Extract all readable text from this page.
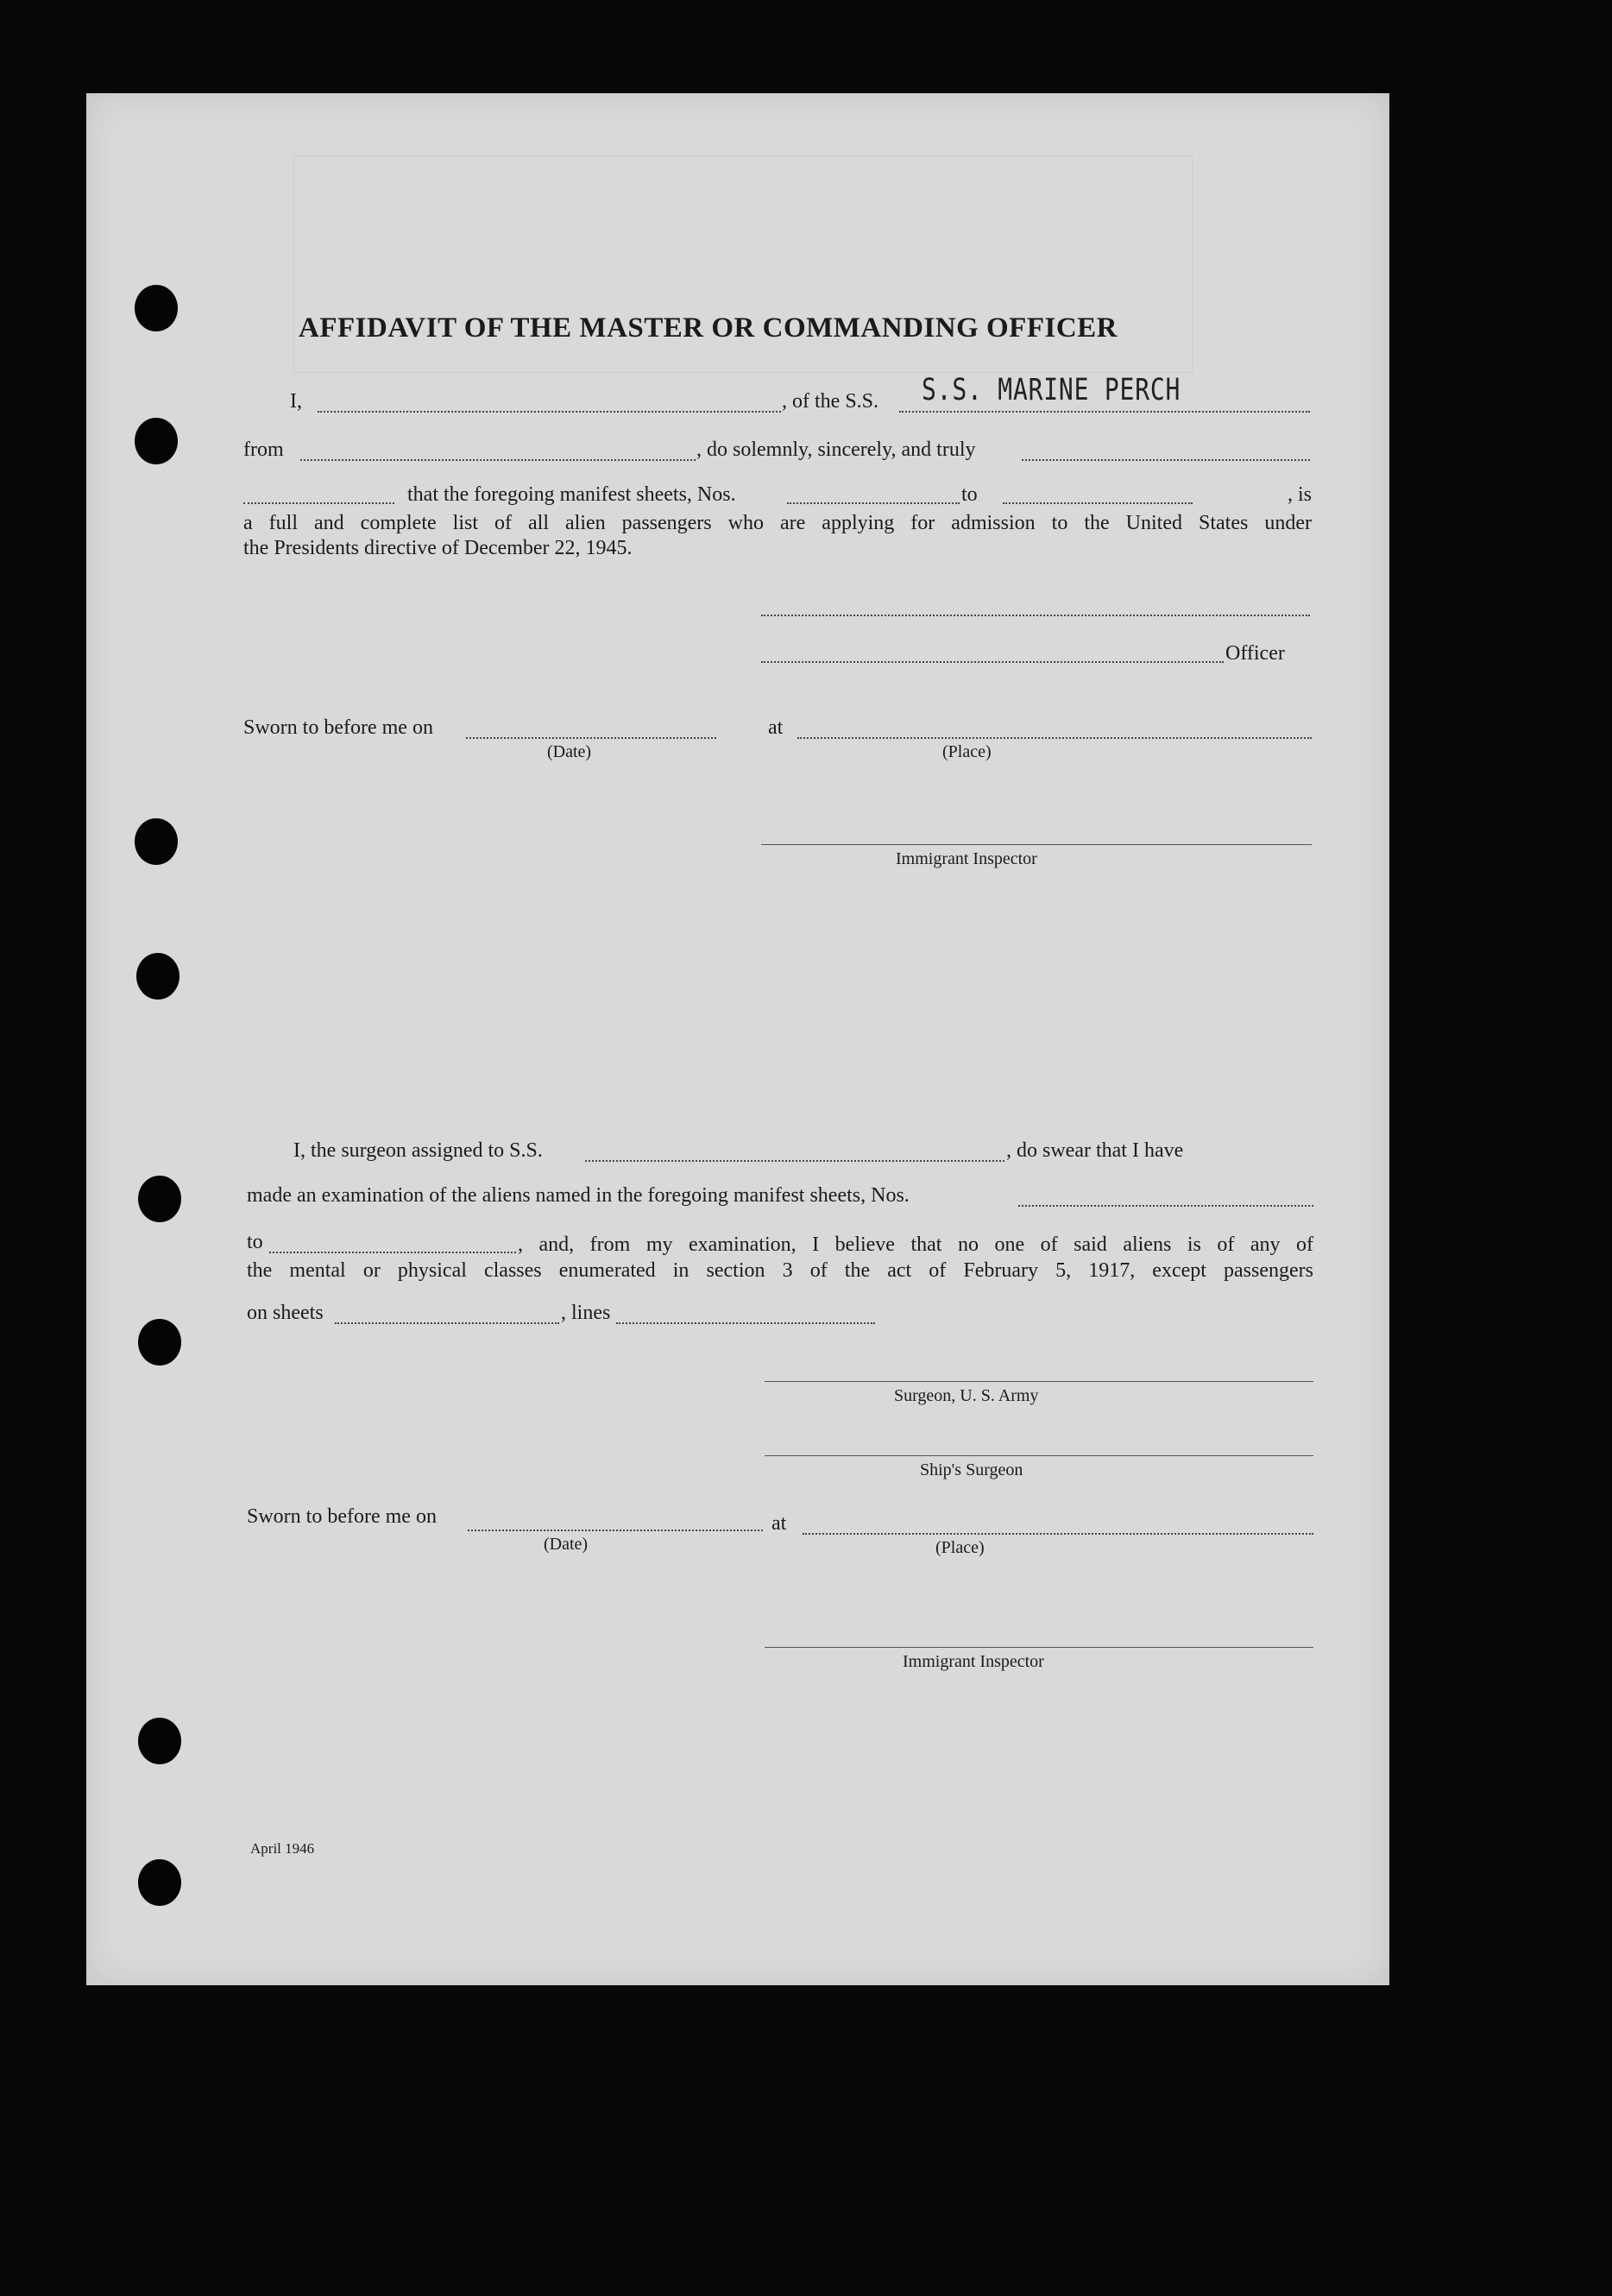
AFFIDAVIT OF THE MASTER OR COMMANDING OFFICER
I,	, of the S.S. S.S. MARINE PERCH
from	, do solemnly, sincerely, and truly
that the foregoing manifest sheets, Nos.	to	, is
a full and complete list of all alien passengers who are applying for admission to the United States under
the Presidents directive of December 22, 1945.
Officer
Sworn to before me on	at
(Date)	(Place)
Immigrant Inspector
I, the surgeon assigned to S.S.	, do swear that I have
made an examination of the aliens named in the foregoing manifest sheets, Nos.
to	, and, from my examination, I believe that no one of said aliens is of any of
the mental or physical classes enumerated in section 3 of the act of February 5, 1917, except passengers
on sheets	, lines
Surgeon, U. S. Army
Ship's Surgeon
Sworn to before me on	at
(Date)	(Place)
Immigrant Inspector
April 1946
